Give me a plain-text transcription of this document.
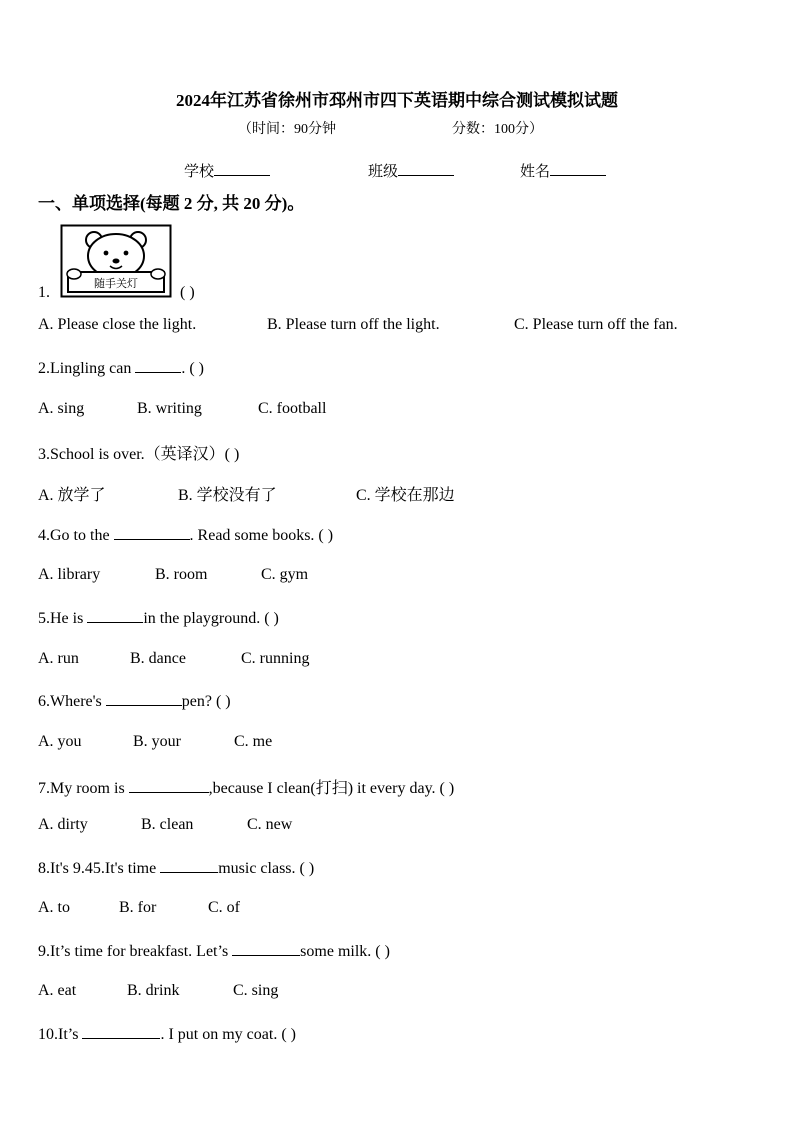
2024年江苏省徐州市邳州市四下英语期中综合测试模拟试题
（时间：90分钟	分数：100分）
学校	班级	姓名
一、单项选择(每题 2 分, 共 20 分)。
1.
随手关灯
( )
A. Please close the light.	B. Please turn off the light.	C. Please turn off the fan.
2.Lingling can	. ( )
A. sing	B. writing	C. football
3.School is over.（英译汉）( )
A. 放学了	B. 学校没有了	C. 学校在那边
4.Go to the	. Read some books. ( )
A. library	B. room	C. gym
5.He is	in the playground. ( )
A. run	B. dance	C. running
6.Where's	pen? ( )
A. you	B. your	C. me
7.My room is	,because I clean(打扫) it every day. ( )
A. dirty	B. clean	C. new
8.It's 9.45.It's time	music class. ( )
A. to	B. for	C. of
9.It’s time for breakfast. Let’s	some milk. ( )
A. eat	B. drink	C. sing
10.It’s	. I put on my coat. ( )
